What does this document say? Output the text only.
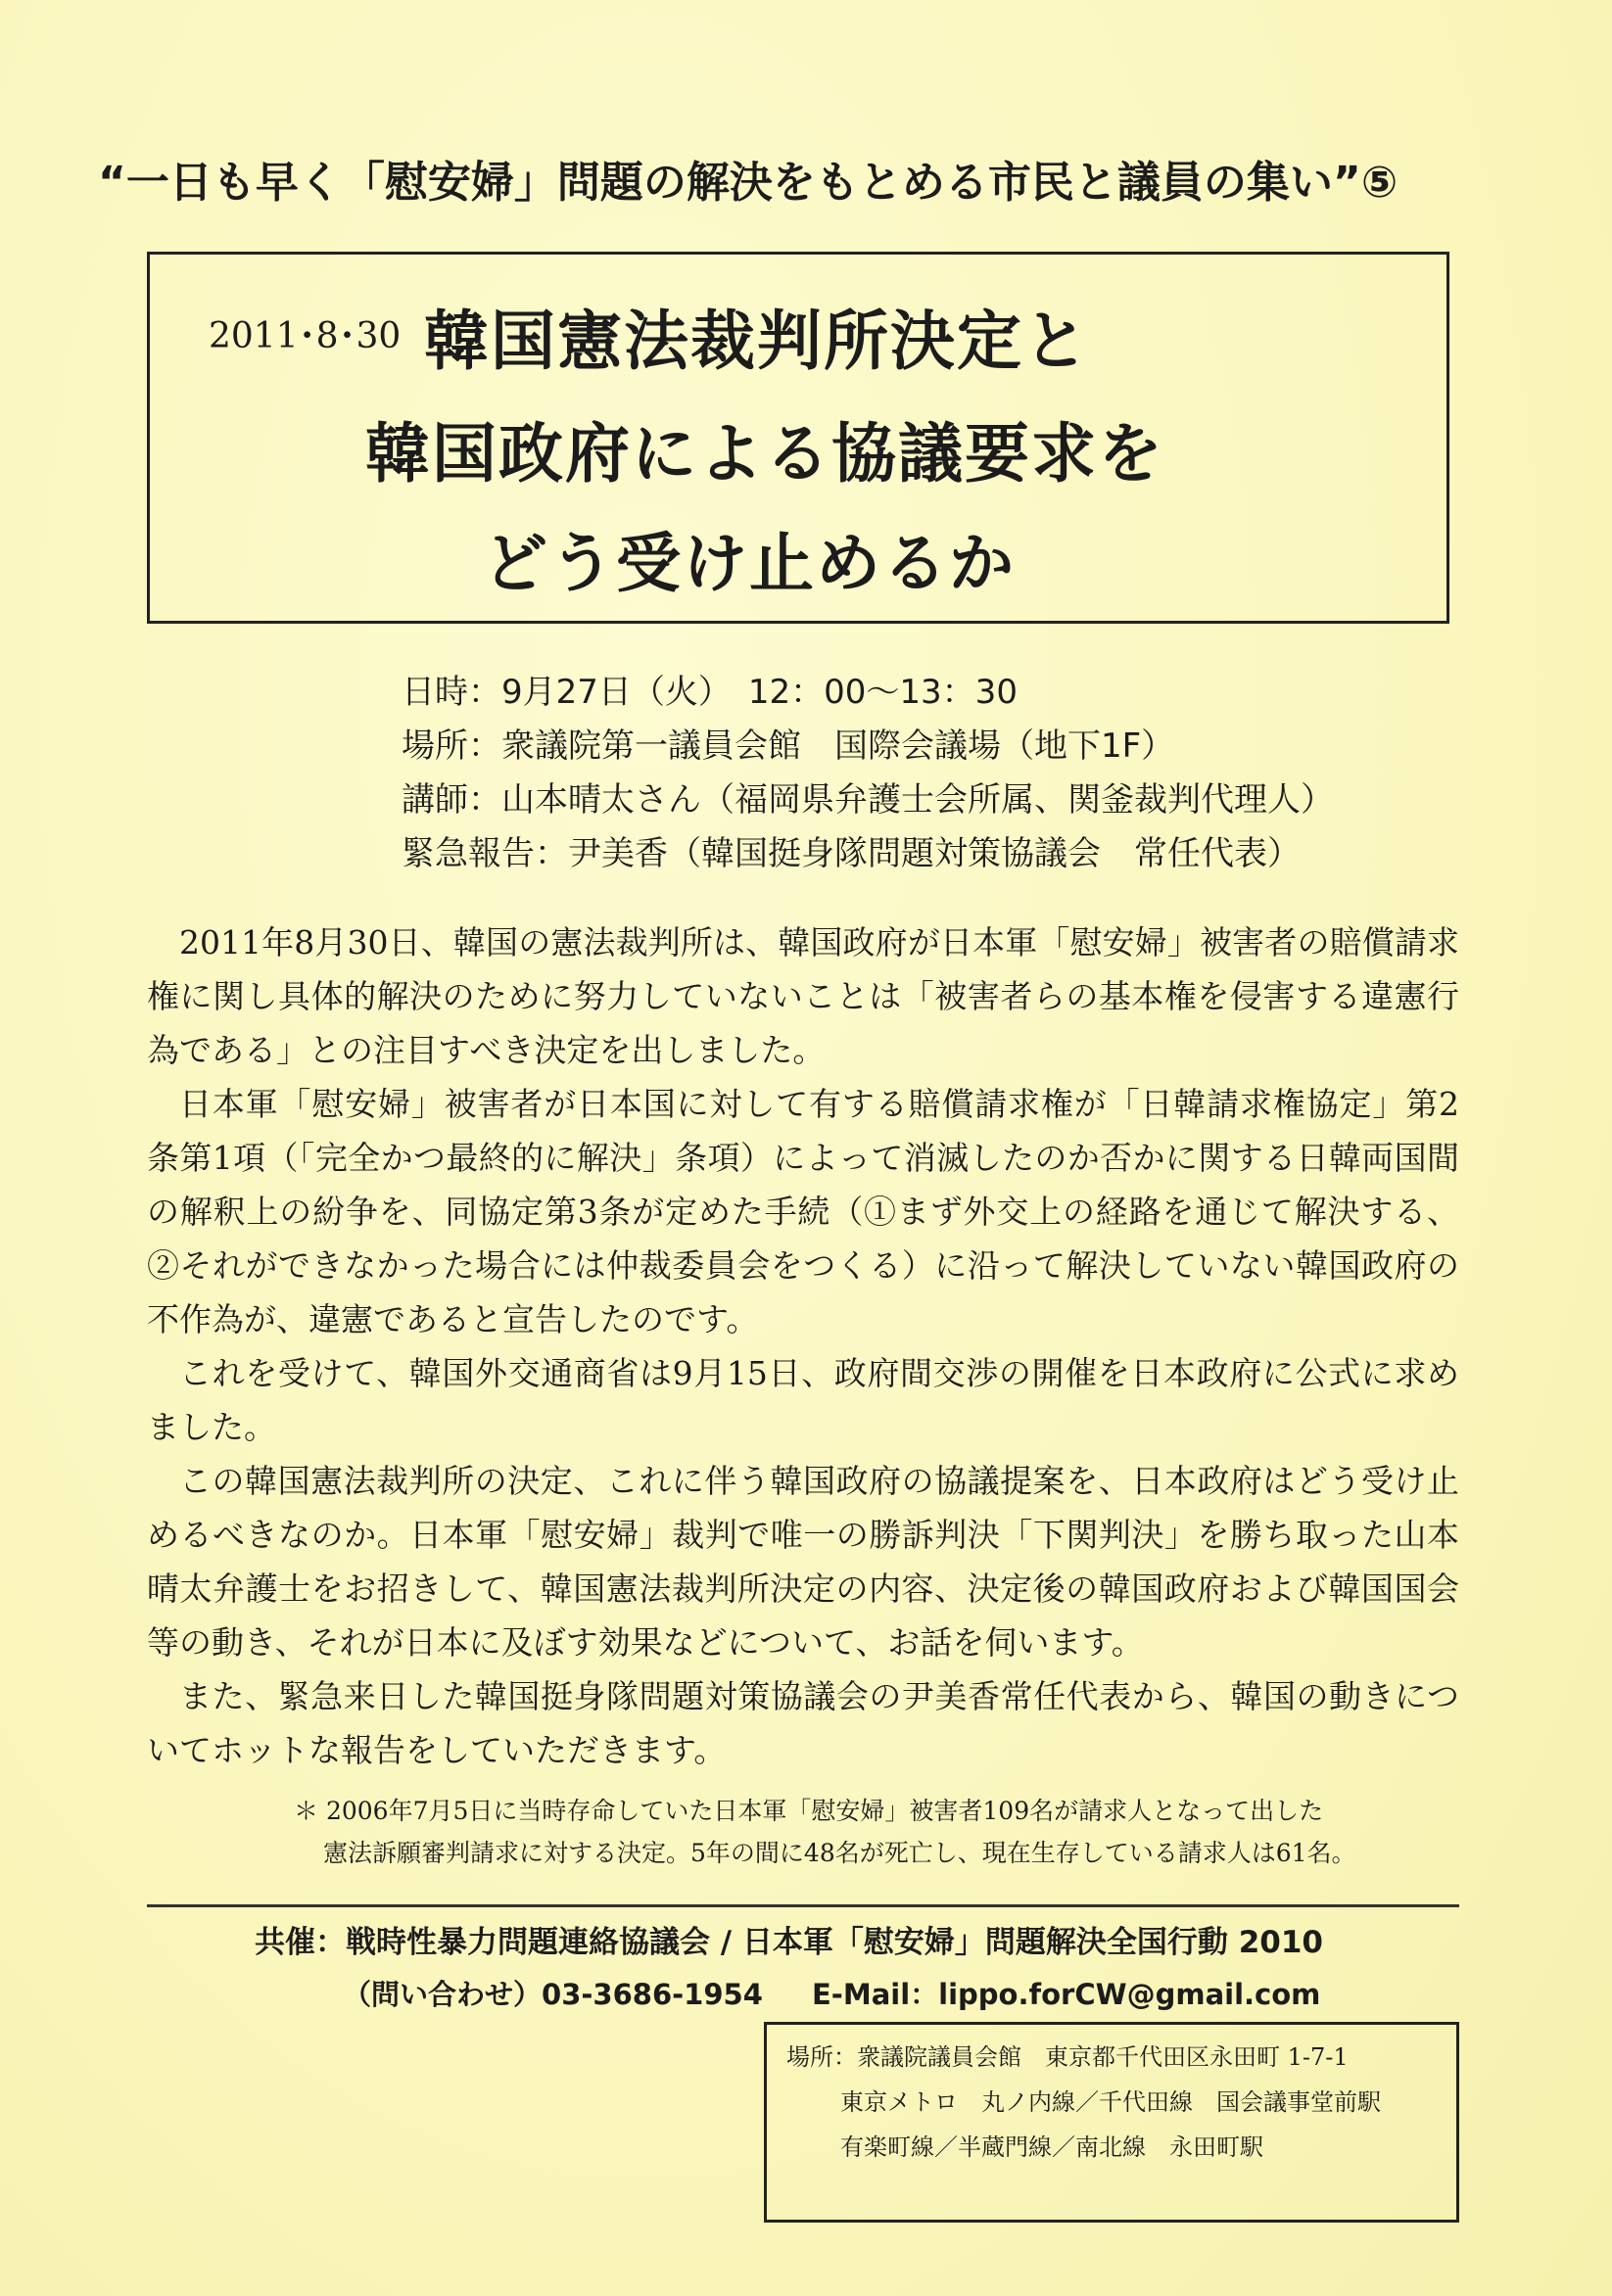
“一日も早く「慰安婦」問題の解決をもとめる市民と議員の集い”⑤
2011･8･30 韓国憲法裁判所決定と
韓国政府による協議要求を
どう受け止めるか
日時：9月27日（火）　12：00～13：30
場所：衆議院第一議員会館　国際会議場（地下1F）
講師：山本晴太さん（福岡県弁護士会所属、関釜裁判代理人）
緊急報告：尹美香（韓国挺身隊問題対策協議会　常任代表）

2011年8月30日、韓国の憲法裁判所は、韓国政府が日本軍「慰安婦」被害者の賠償請求権に関し具体的解決のために努力していないことは「被害者らの基本権を侵害する違憲行為である」との注目すべき決定を出しました。

日本軍「慰安婦」被害者が日本国に対して有する賠償請求権が「日韓請求権協定」第2条第1項（「完全かつ最終的に解決」条項）によって消滅したのか否かに関する日韓両国間の解釈上の紛争を、同協定第3条が定めた手続（①まず外交上の経路を通じて解決する、②それができなかった場合には仲裁委員会をつくる）に沿って解決していない韓国政府の不作為が、違憲であると宣告したのです。

これを受けて、韓国外交通商省は9月15日、政府間交渉の開催を日本政府に公式に求めました。

この韓国憲法裁判所の決定、これに伴う韓国政府の協議提案を、日本政府はどう受け止めるべきなのか。日本軍「慰安婦」裁判で唯一の勝訴判決「下関判決」を勝ち取った山本晴太弁護士をお招きして、韓国憲法裁判所決定の内容、決定後の韓国政府および韓国国会等の動き、それが日本に及ぼす効果などについて、お話を伺います。

また、緊急来日した韓国挺身隊問題対策協議会の尹美香常任代表から、韓国の動きについてホットな報告をしていただきます。

＊ 2006年7月5日に当時存命していた日本軍「慰安婦」被害者109名が請求人となって出した
憲法訴願審判請求に対する決定。5年の間に48名が死亡し、現在生存している請求人は61名。
共催：戦時性暴力問題連絡協議会 / 日本軍「慰安婦」問題解決全国行動 2010
（問い合わせ）03-3686-1954 E-Mail：lippo.forCW@gmail.com
場所：衆議院議員会館　東京都千代田区永田町 1-7-1
東京メトロ　丸ノ内線／千代田線　国会議事堂前駅
有楽町線／半蔵門線／南北線　永田町駅
